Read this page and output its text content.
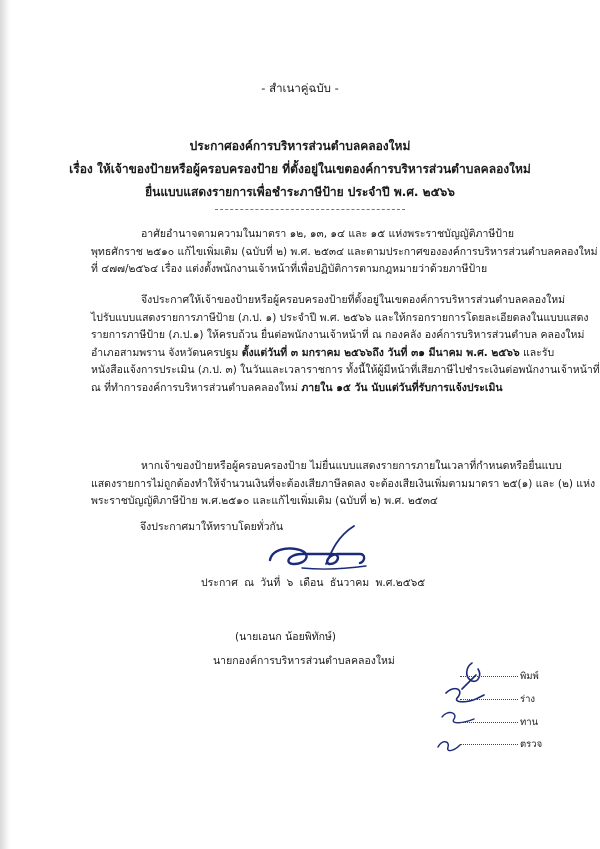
- สำเนาคู่ฉบับ -
ประกาศองค์การบริหารส่วนตำบลคลองใหม่
เรื่อง ให้เจ้าของป้ายหรือผู้ครอบครองป้าย ที่ตั้งอยู่ในเขตองค์การบริหารส่วนตำบลคลองใหม่
ยื่นแบบแสดงรายการเพื่อชำระภาษีป้าย ประจำปี พ.ศ. ๒๕๖๖
อาศัยอำนาจตามความในมาตรา ๑๒, ๑๓, ๑๔ และ ๑๕ แห่งพระราชบัญญัติภาษีป้าย
พุทธศักราช ๒๕๑๐ แก้ไขเพิ่มเติม (ฉบับที่ ๒) พ.ศ. ๒๕๓๔ และตามประกาศขององค์การบริหารส่วนตำบลคลองใหม่
ที่ ๔๗๗/๒๕๖๔ เรื่อง แต่งตั้งพนักงานเจ้าหน้าที่เพื่อปฏิบัติการตามกฎหมายว่าด้วยภาษีป้าย
จึงประกาศให้เจ้าของป้ายหรือผู้ครอบครองป้ายที่ตั้งอยู่ในเขตองค์การบริหารส่วนตำบลคลองใหม่
ไปรับแบบแสดงรายการภาษีป้าย (ภ.ป. ๑) ประจำปี พ.ศ. ๒๕๖๖ และให้กรอกรายการโดยละเอียดลงในแบบแสดง
รายการภาษีป้าย (ภ.ป.๑) ให้ครบถ้วน ยื่นต่อพนักงานเจ้าหน้าที่ ณ กองคลัง องค์การบริหารส่วนตำบล คลองใหม่
อำเภอสามพราน จังหวัดนครปฐม ตั้งแต่วันที่ ๓ มกราคม ๒๕๖๖ถึง วันที่ ๓๑ มีนาคม พ.ศ. ๒๕๖๖ และรับ
หนังสือแจ้งการประเมิน (ภ.ป. ๓) ในวันและเวลาราชการ ทั้งนี้ให้ผู้มีหน้าที่เสียภาษีไปชำระเงินต่อพนักงานเจ้าหน้าที่
ณ ที่ทำการองค์การบริหารส่วนตำบลคลองใหม่ ภายใน ๑๕ วัน นับแต่วันที่รับการแจ้งประเมิน
หากเจ้าของป้ายหรือผู้ครอบครองป้าย ไม่ยื่นแบบแสดงรายการภายในเวลาที่กำหนดหรือยื่นแบบ
แสดงรายการไม่ถูกต้องทำให้จำนวนเงินที่จะต้องเสียภาษีลดลง จะต้องเสียเงินเพิ่มตามมาตรา ๒๕(๑) และ (๒) แห่ง
พระราชบัญญัติภาษีป้าย พ.ศ.๒๕๑๐ และแก้ไขเพิ่มเติม (ฉบับที่ ๒) พ.ศ. ๒๕๓๔
จึงประกาศมาให้ทราบโดยทั่วกัน
ประกาศ ณ วันที่ ๖ เดือน ธันวาคม พ.ศ.๒๕๖๕
(นายเอนก น้อยพิทักษ์)
นายกองค์การบริหารส่วนตำบลคลองใหม่
พิมพ์
ร่าง
ทาน
ตรวจ
